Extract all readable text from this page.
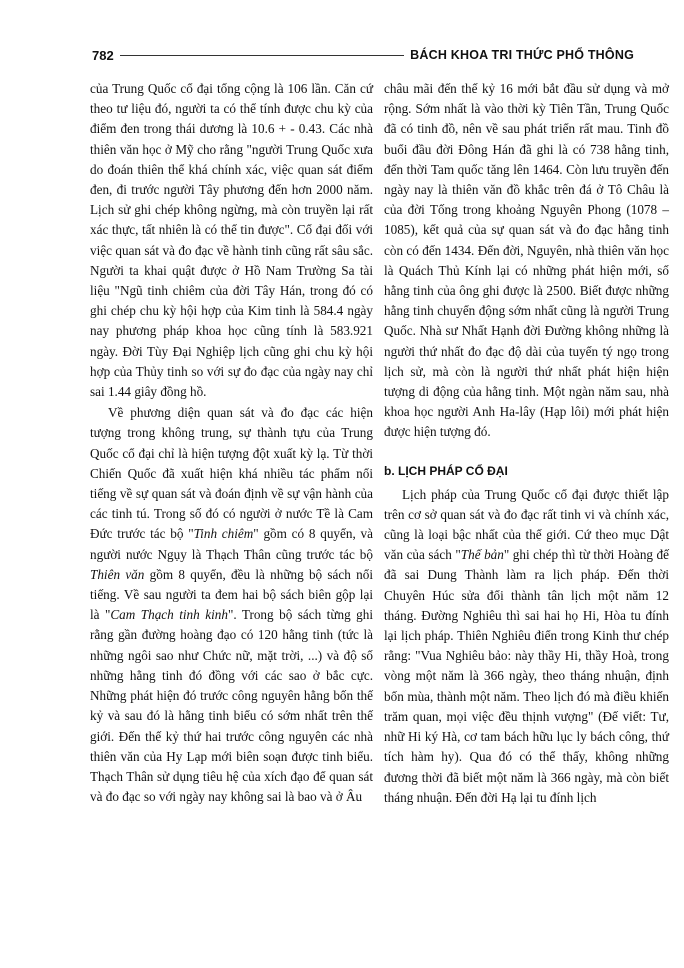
782	BÁCH KHOA TRI THỨC PHỔ THÔNG

của Trung Quốc cổ đại tổng cộng là 106 lần. Căn cứ theo tư liệu đó, người ta có thể tính được chu kỳ của điểm đen trong thái dương là 10.6 + - 0.43. Các nhà thiên văn học ở Mỹ cho rằng "người Trung Quốc xưa do đoán thiên thể khá chính xác, việc quan sát điểm đen, đi trước người Tây phương đến hơn 2000 năm. Lịch sử ghi chép không ngừng, mà còn truyền lại rất xác thực, tất nhiên là có thể tin được". Cổ đại đối với việc quan sát và đo đạc về hành tinh cũng rất sâu sắc. Người ta khai quật được ở Hồ Nam Trường Sa tài liệu "Ngũ tinh chiêm của đời Tây Hán, trong đó có ghi chép chu kỳ hội hợp của Kim tinh là 584.4 ngày nay phương pháp khoa học cũng tính là 583.921 ngày. Đời Tùy Đại Nghiệp lịch cũng ghi chu kỳ hội hợp của Thủy tinh so với sự đo đạc của ngày nay chỉ sai 1.44 giây đồng hồ.

Về phương diện quan sát và đo đạc các hiện tượng trong không trung, sự thành tựu của Trung Quốc cổ đại chỉ là hiện tượng đột xuất kỳ lạ. Từ thời Chiến Quốc đã xuất hiện khá nhiều tác phẩm nổi tiếng về sự quan sát và đoán định về sự vận hành của các tinh tú. Trong số đó có người ở nước Tề là Cam Đức trước tác bộ "Tinh chiêm" gồm có 8 quyển, và người nước Ngụy là Thạch Thân cũng trước tác bộ Thiên văn gồm 8 quyển, đều là những bộ sách nổi tiếng. Về sau người ta đem hai bộ sách biên gộp lại là "Cam Thạch tinh kinh". Trong bộ sách từng ghi rằng gần đường hoàng đạo có 120 hằng tinh (tức là những ngôi sao như Chức nữ, mặt trời, ...) và độ số những hằng tinh đó đồng với các sao ở bắc cực. Những phát hiện đó trước công nguyên hằng bốn thế kỷ và sau đó là hằng tinh biểu có sớm nhất trên thế giới. Đến thế kỷ thứ hai trước công nguyên các nhà thiên văn của Hy Lạp mới biên soạn được tinh biểu. Thạch Thân sử dụng tiêu hệ của xích đạo để quan sát và đo đạc so với ngày nay không sai là bao và ở Âu

châu mãi đến thế kỷ 16 mới bắt đầu sử dụng và mở rộng. Sớm nhất là vào thời kỳ Tiên Tần, Trung Quốc đã có tinh đồ, nên về sau phát triển rất mau. Tinh đồ buổi đầu đời Đông Hán đã ghi là có 738 hằng tinh, đến thời Tam quốc tăng lên 1464. Còn lưu truyền đến ngày nay là thiên văn đồ khắc trên đá ở Tô Châu là của đời Tống trong khoảng Nguyên Phong (1078 – 1085), kết quả của sự quan sát và đo đạc hằng tinh còn có đến 1434. Đến đời, Nguyên, nhà thiên văn học là Quách Thủ Kính lại có những phát hiện mới, số hằng tinh của ông ghi được là 2500. Biết được những hằng tinh chuyển động sớm nhất cũng là người Trung Quốc. Nhà sư Nhất Hạnh đời Đường không những là người thứ nhất đo đạc độ dài của tuyến tý ngọ trong lịch sử, mà còn là người thứ nhất phát hiện hiện tượng di động của hằng tinh. Một ngàn năm sau, nhà khoa học người Anh Ha-lây (Hạp lôi) mới phát hiện được hiện tượng đó.

b. LỊCH PHÁP CỔ ĐẠI

Lịch pháp của Trung Quốc cổ đại được thiết lập trên cơ sở quan sát và đo đạc rất tinh vi và chính xác, cũng là loại bậc nhất của thế giới. Cứ theo mục Dật văn của sách "Thế bản" ghi chép thì từ thời Hoàng đế đã sai Dung Thành làm ra lịch pháp. Đến thời Chuyên Húc sửa đổi thành tân lịch một năm 12 tháng. Đường Nghiêu thì sai hai họ Hi, Hòa tu đính lại lịch pháp. Thiên Nghiêu điển trong Kinh thư chép rằng: "Vua Nghiêu bảo: này thầy Hi, thầy Hoà, trong vòng một năm là 366 ngày, theo tháng nhuận, định bốn mùa, thành một năm. Theo lịch đó mà điều khiến trăm quan, mọi việc đều thịnh vượng" (Đế viết: Tư, nhữ Hi ký Hà, cơ tam bách hữu lục ly bách công, thứ tích hàm hy). Qua đó có thể thấy, không những đương thời đã biết một năm là 366 ngày, mà còn biết tháng nhuận. Đến đời Hạ lại tu đính lịch
